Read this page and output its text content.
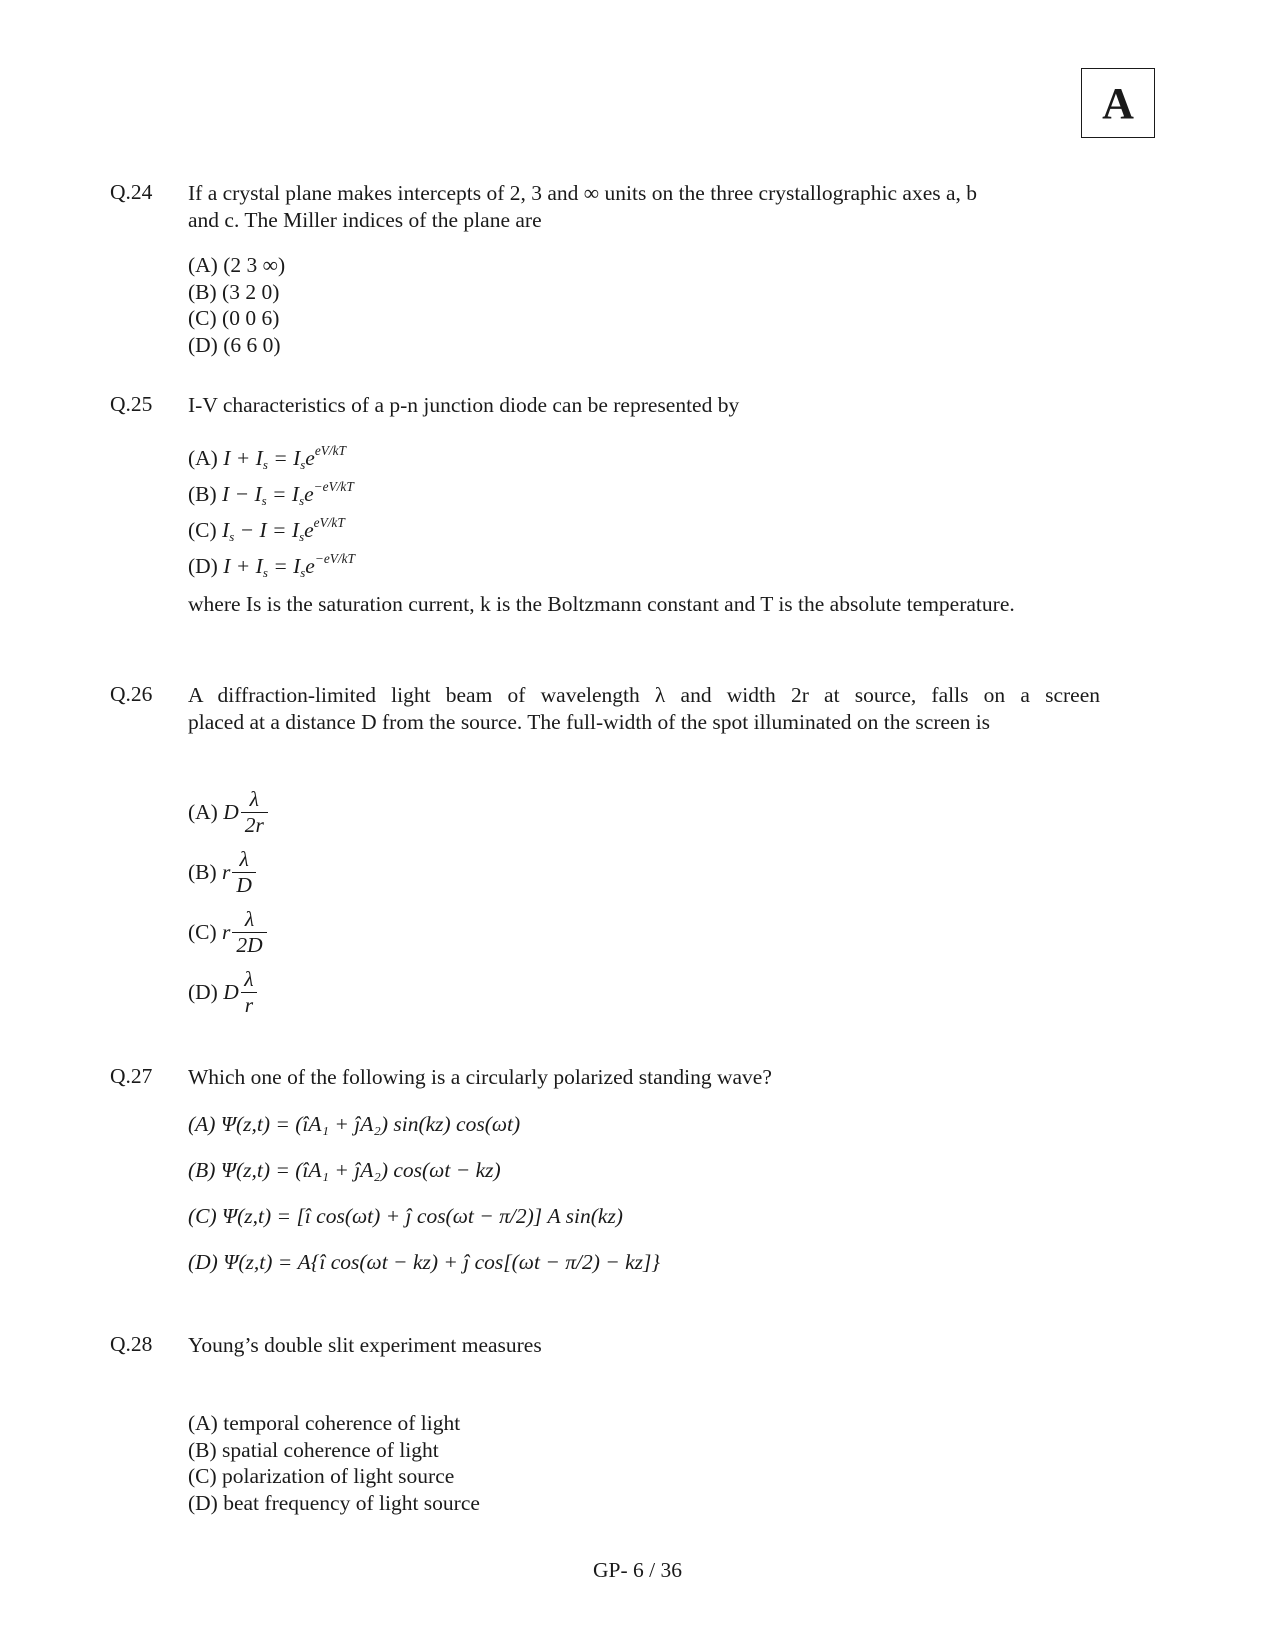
A
Q.24 If a crystal plane makes intercepts of 2, 3 and ∞ units on the three crystallographic axes a, b
and c. The Miller indices of the plane are
(A) (2 3 ∞)
(B) (3 2 0)
(C) (0 0 6)
(D) (6 6 0)
Q.25 I-V characteristics of a p-n junction diode can be represented by
(A) $I + I_s = I_se^{eV/kT}$
(B) $I - I_s = I_se^{-eV/kT}$
(C) $I_s - I = I_se^{eV/kT}$
(D) $I + I_s = I_se^{-eV/kT}$
where Is is the saturation current, k is the Boltzmann constant and T is the absolute temperature.
Q.26 A diffraction-limited light beam of wavelength λ and width 2r at source, falls on a screen
placed at a distance D from the source. The full-width of the spot illuminated on the screen is
(A)
D $\frac{\lambda}{2r}$
(B)
r $\frac{\lambda}{D}$
(C)
r $\frac{\lambda}{2D}$
(D)
D $\frac{\lambda}{r}$
Q.27 Which one of the following is a circularly polarized standing wave?
(A) Ψ(z,t) = (îA₁ + ĵA₂) sin(kz) cos(ωt)
(B) Ψ(z,t) = (îA₁ + ĵA₂) cos(ωt − kz)
(C) Ψ(z,t) = [î cos(ωt) + ĵ cos(ωt − π/2)] A sin(kz)
(D) Ψ(z,t) = A{î cos(ωt − kz) + ĵ cos[(ωt − π/2) − kz]}
Q.28 Young’s double slit experiment measures
(A) temporal coherence of light
(B) spatial coherence of light
(C) polarization of light source
(D) beat frequency of light source
GP- 6 / 36
